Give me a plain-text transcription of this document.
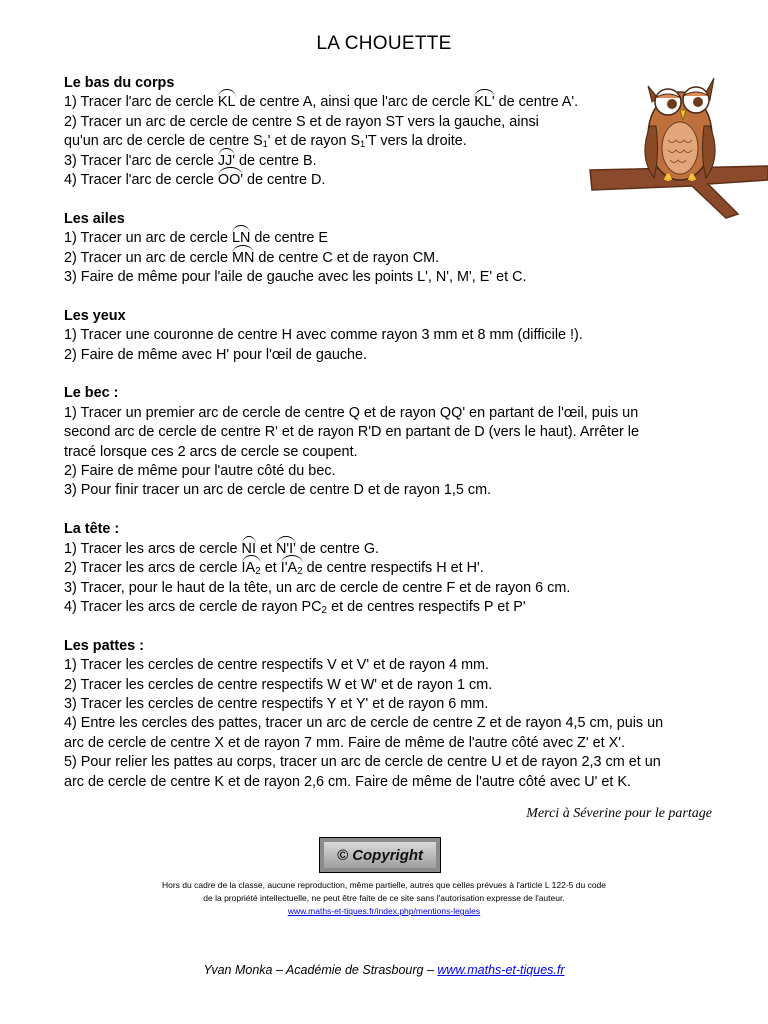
LA CHOUETTE
Le bas du corps
1) Tracer l'arc de cercle KL de centre A, ainsi que l'arc de cercle KL' de centre A'.
2) Tracer un arc de cercle de centre S et de rayon ST vers la gauche, ainsi
qu'un arc de cercle de centre $S_1'$ et de rayon $S_1'T$ vers la droite.
3) Tracer l'arc de cercle JJ' de centre B.
4) Tracer l'arc de cercle OO' de centre D.
Les ailes
1) Tracer un arc de cercle LN de centre E
2) Tracer un arc de cercle MN de centre C et de rayon CM.
3) Faire de même pour l'aile de gauche avec les points L', N', M', E' et C.
Les yeux
1) Tracer une couronne de centre H avec comme rayon 3 mm et 8 mm (difficile !).
2) Faire de même avec H' pour l'œil de gauche.
Le bec :
1) Tracer un premier arc de cercle de centre Q et de rayon QQ' en partant de l'œil, puis un
second arc de cercle de centre R' et de rayon R'D en partant de D (vers le haut). Arrêter le
tracé lorsque ces 2 arcs de cercle se coupent.
2) Faire de même pour l'autre côté du bec.
3) Pour finir tracer un arc de cercle de centre D et de rayon 1,5 cm.
La tête :
1) Tracer les arcs de cercle NI et N'I' de centre G.
2) Tracer les arcs de cercle $IA_2$ et $I'A_2$ de centre respectifs H et H'.
3) Tracer, pour le haut de la tête, un arc de cercle de centre F et de rayon 6 cm.
4) Tracer les arcs de cercle de rayon $PC_2$ et de centres respectifs P et P'
Les pattes :
1) Tracer les cercles de centre respectifs V et V' et de rayon 4 mm.
2) Tracer les cercles de centre respectifs W et W' et de rayon 1 cm.
3) Tracer les cercles de centre respectifs Y et Y' et de rayon 6 mm.
4) Entre les cercles des pattes, tracer un arc de cercle de centre Z et de rayon 4,5 cm, puis un
arc de cercle de centre X et de rayon 7 mm. Faire de même de l'autre côté avec Z' et X'.
5) Pour relier les pattes au corps, tracer un arc de cercle de centre U et de rayon 2,3 cm et un
arc de cercle de centre K et de rayon 2,6 cm. Faire de même de l'autre côté avec U' et K.
Merci à Séverine pour le partage
© Copyright
Hors du cadre de la classe, aucune reproduction, même partielle, autres que celles prévues à l'article L 122-5 du code
de la propriété intellectuelle, ne peut être faite de ce site sans l'autorisation expresse de l'auteur.
www.maths-et-tiques.fr/index.php/mentions-legales
Yvan Monka – Académie de Strasbourg – www.maths-et-tiques.fr
